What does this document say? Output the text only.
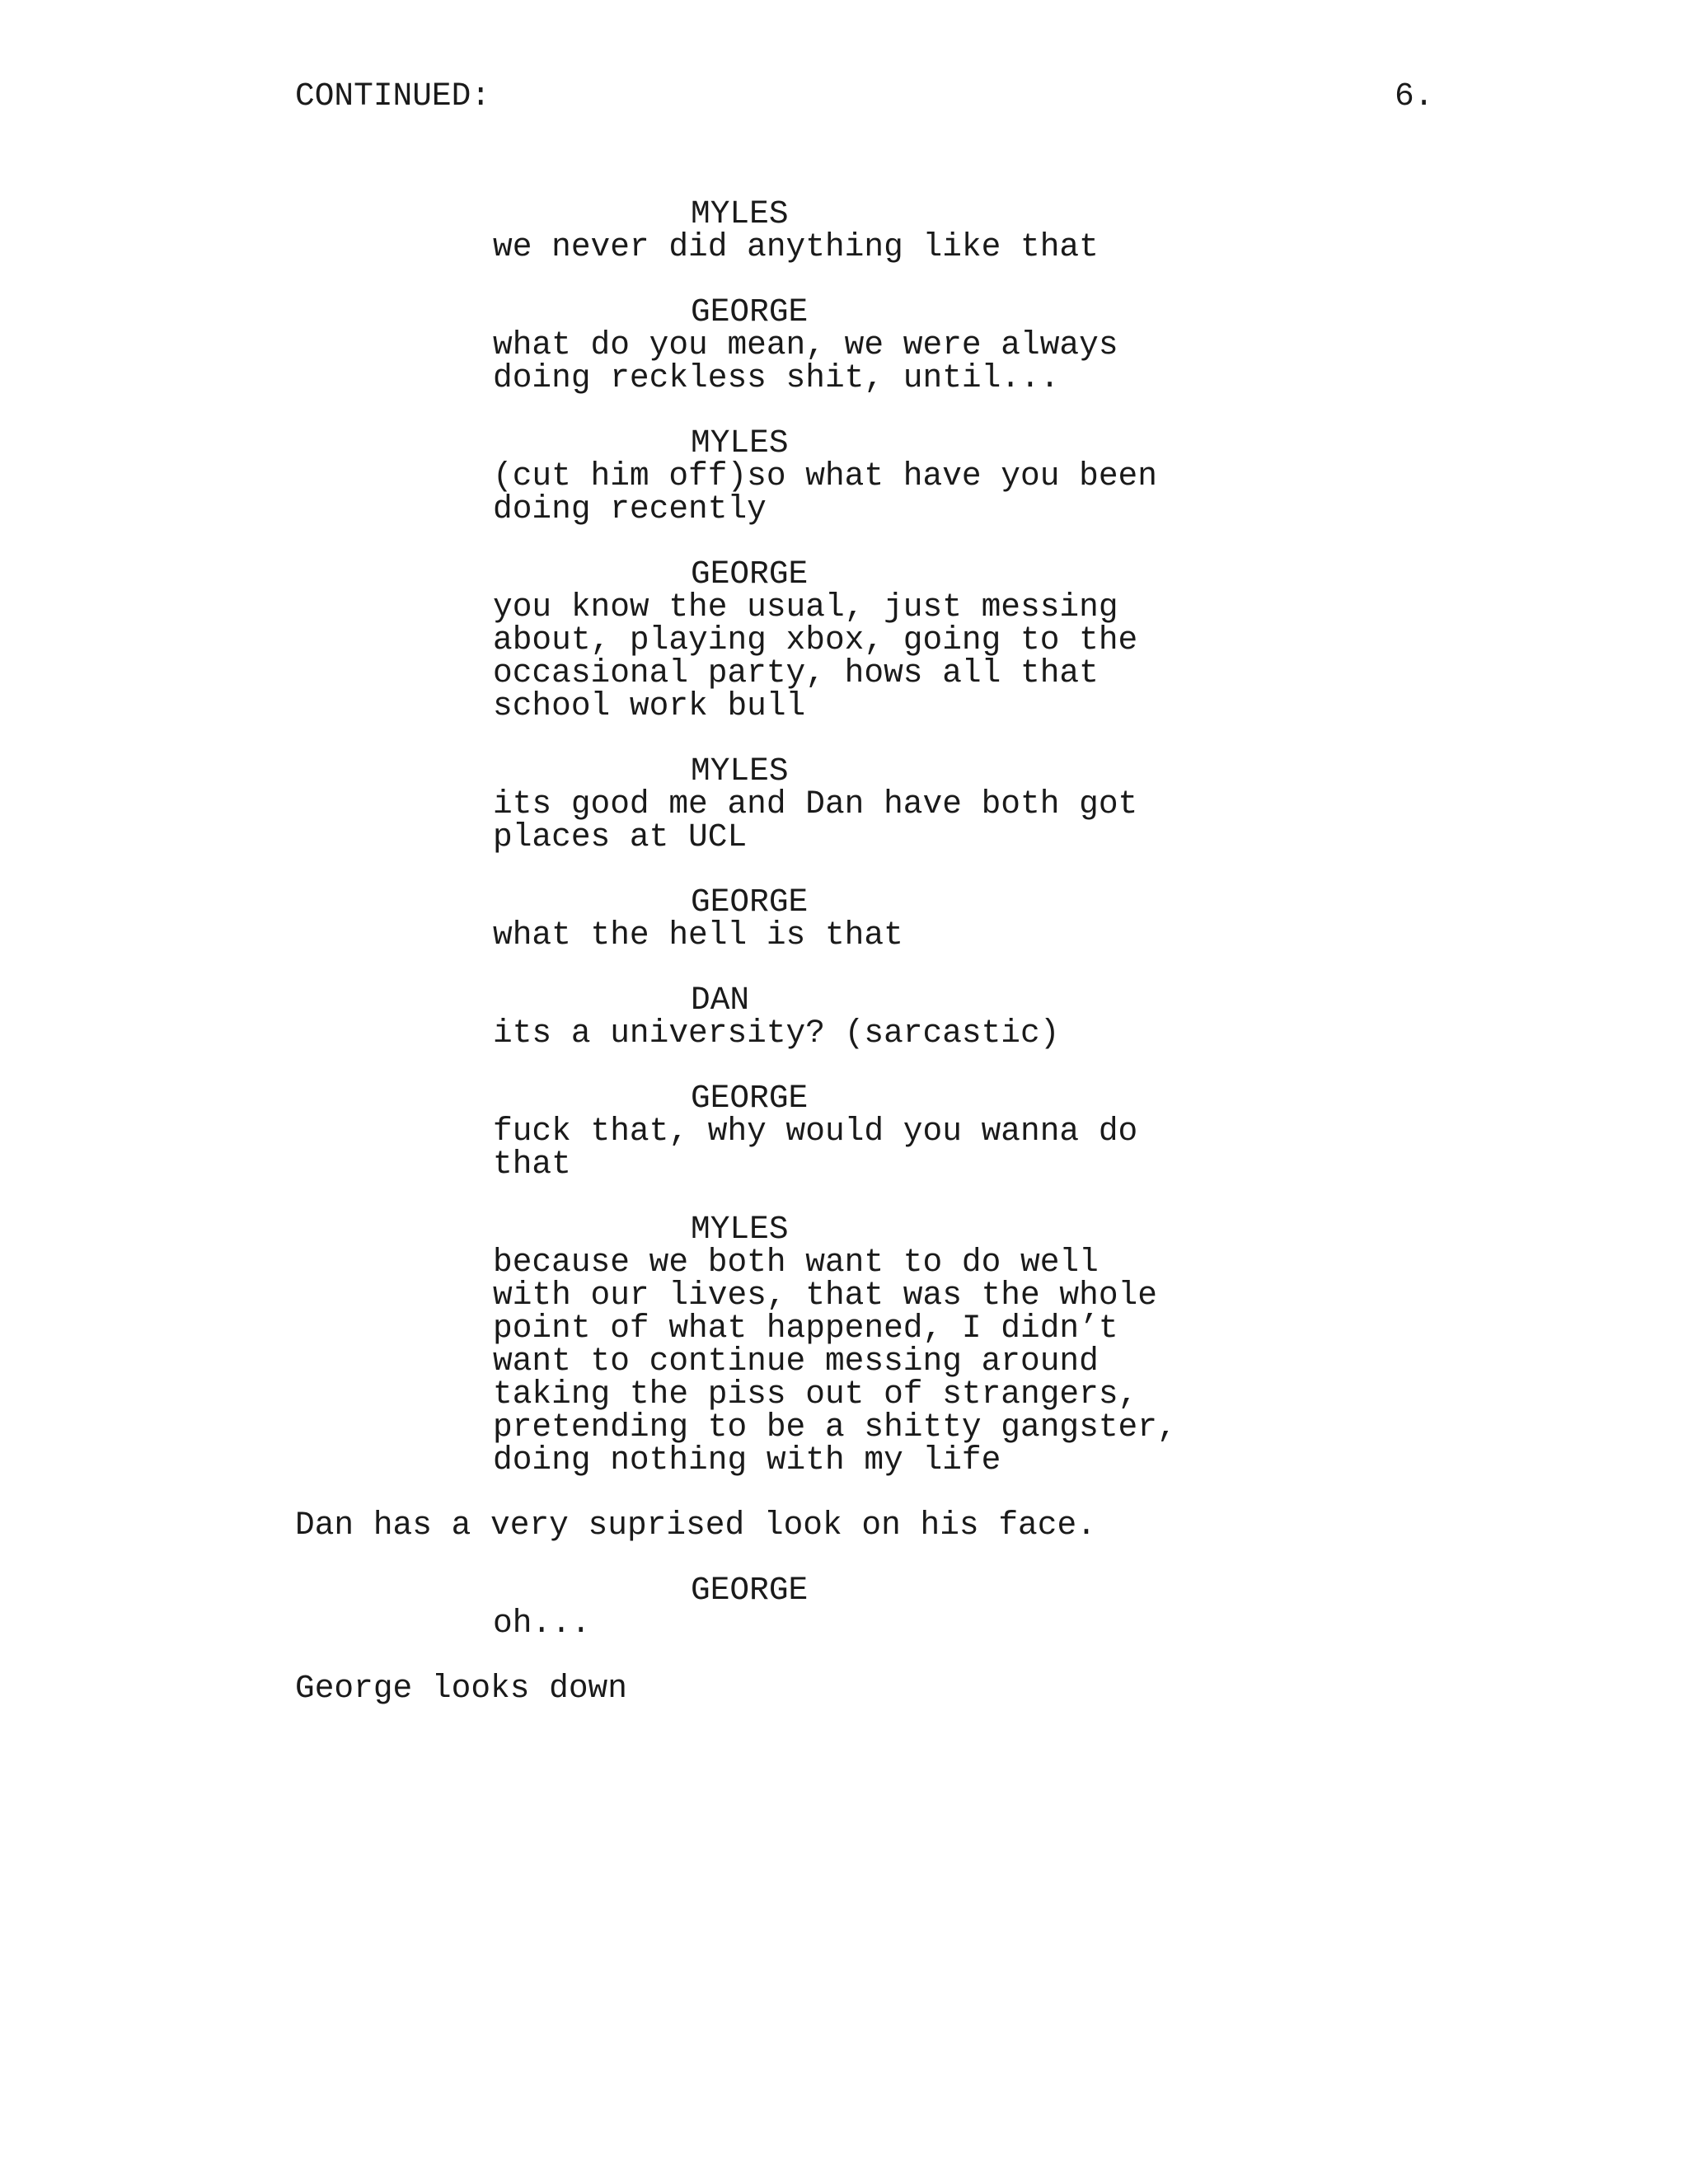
CONTINUED:	6.
MYLES
we never did anything like that
GEORGE
what do you mean, we were always
doing reckless shit, until...
MYLES
(cut him off)so what have you been
doing recently
GEORGE
you know the usual, just messing
about, playing xbox, going to the
occasional party, hows all that
school work bull
MYLES
its good me and Dan have both got
places at UCL
GEORGE
what the hell is that
DAN
its a university? (sarcastic)
GEORGE
fuck that, why would you wanna do
that
MYLES
because we both want to do well
with our lives, that was the whole
point of what happened, I didn’t
want to continue messing around
taking the piss out of strangers,
pretending to be a shitty gangster,
doing nothing with my life
Dan has a very suprised look on his face.
GEORGE
oh...
George looks down
